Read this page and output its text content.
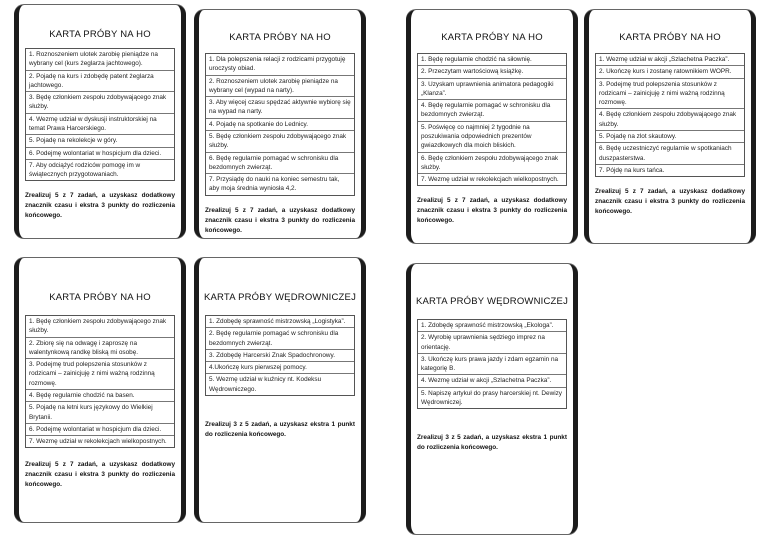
KARTA PRÓBY NA HO
1. Roznoszeniem ulotek zarobię pieniądze na wybrany cel (kurs żeglarza jachtowego).
2. Pojadę na kurs i zdobędę patent żeglarza jachtowego.
3. Będę członkiem zespołu zdobywającego znak służby.
4. Wezmę udział w dyskusji instruktorskiej na temat Prawa Harcerskiego.
5. Pojadę na rekolekcje w góry.
6. Podejmę wolontariat w hospicjum dla dzieci.
7. Aby odciążyć rodziców pomogę im w świątecznych przygotowaniach.

Zrealizuj 5 z 7 zadań, a uzyskasz dodatkowy znacznik czasu i ekstra 3 punkty do rozliczenia końcowego.

KARTA PRÓBY NA HO
1. Dla polepszenia relacji z rodzicami przygotuję uroczysty obiad.
2. Roznoszeniem ulotek zarobię pieniądze na wybrany cel (wypad na narty).
3. Aby więcej czasu spędzać aktywnie wybiorę się na wypad na narty.
4. Pojadę na spotkanie do Lednicy.
5. Będę członkiem zespołu zdobywającego znak służby.
6. Będę regularnie pomagać w schronisku dla bezdomnych zwierząt.
7. Przysiądę do nauki na koniec semestru tak, aby moja średnia wyniosła 4,2.

Zrealizuj 5 z 7 zadań, a uzyskasz dodatkowy znacznik czasu i ekstra 3 punkty do rozliczenia końcowego.

KARTA PRÓBY NA HO
1. Będę regularnie chodzić na siłownię.
2. Przeczytam wartościową książkę.
3. Uzyskam uprawnienia animatora pedagogiki „Klanza”.
4. Będę regularnie pomagać w schronisku dla bezdomnych zwierząt.
5. Poświęcę co najmniej 2 tygodnie na poszukiwania odpowiednich prezentów gwiazdkowych dla moich bliskich.
6. Będę członkiem zespołu zdobywającego znak służby.
7. Wezmę udział w rekolekcjach wielkopostnych.

Zrealizuj 5 z 7 zadań, a uzyskasz dodatkowy znacznik czasu i ekstra 3 punkty do rozliczenia końcowego.

KARTA PRÓBY NA HO
1. Wezmę udział w akcji „Szlachetna Paczka”.
2. Ukończę kurs i zostanę ratownikiem WOPR.
3. Podejmę trud polepszenia stosunków z rodzicami – zainicjuję z nimi ważną rodzinną rozmowę.
4. Będę członkiem zespołu zdobywającego znak służby.
5. Pojadę na zlot skautowy.
6. Będę uczestniczyć regularnie w spotkaniach duszpasterstwa.
7. Pójdę na kurs tańca.

Zrealizuj 5 z 7 zadań, a uzyskasz dodatkowy znacznik czasu i ekstra 3 punkty do rozliczenia końcowego.

KARTA PRÓBY NA HO
1. Będę członkiem zespołu zdobywającego znak służby.
2. Zbiorę się na odwagę i zaproszę na walentynkową randkę bliską mi osobę.
3. Podejmę trud polepszenia stosunków z rodzicami – zainicjuję z nimi ważną rodzinną rozmowę.
4. Będę regularnie chodzić na basen.
5. Pojadę na letni kurs językowy do Wielkiej Brytanii.
6. Podejmę wolontariat w hospicjum dla dzieci.
7. Wezmę udział w rekolekcjach wielkopostnych.

Zrealizuj 5 z 7 zadań, a uzyskasz dodatkowy znacznik czasu i ekstra 3 punkty do rozliczenia końcowego.

KARTA PRÓBY WĘDROWNICZEJ
1. Zdobędę sprawność mistrzowską „Logistyka”.
2. Będę regularnie pomagać w schronisku dla bezdomnych zwierząt.
3. Zdobędę Harcerski Znak Spadochronowy.
4.Ukończę kurs pierwszej pomocy.
5. Wezmę udział w kuźnicy nt. Kodeksu Wędrowniczego.

Zrealizuj 3 z 5 zadań, a uzyskasz ekstra 1 punkt do rozliczenia końcowego.

KARTA PRÓBY WĘDROWNICZEJ
1. Zdobędę sprawność mistrzowską „Ekologa”.
2. Wyrobię uprawnienia sędziego imprez na orientację.
3. Ukończę kurs prawa jazdy i zdam egzamin na kategorię B.
4. Wezmę udział w akcji „Szlachetna Paczka”.
5. Napiszę artykuł do prasy harcerskiej nt. Dewizy Wędrowniczej.

Zrealizuj 3 z 5 zadań, a uzyskasz ekstra 1 punkt do rozliczenia końcowego.
